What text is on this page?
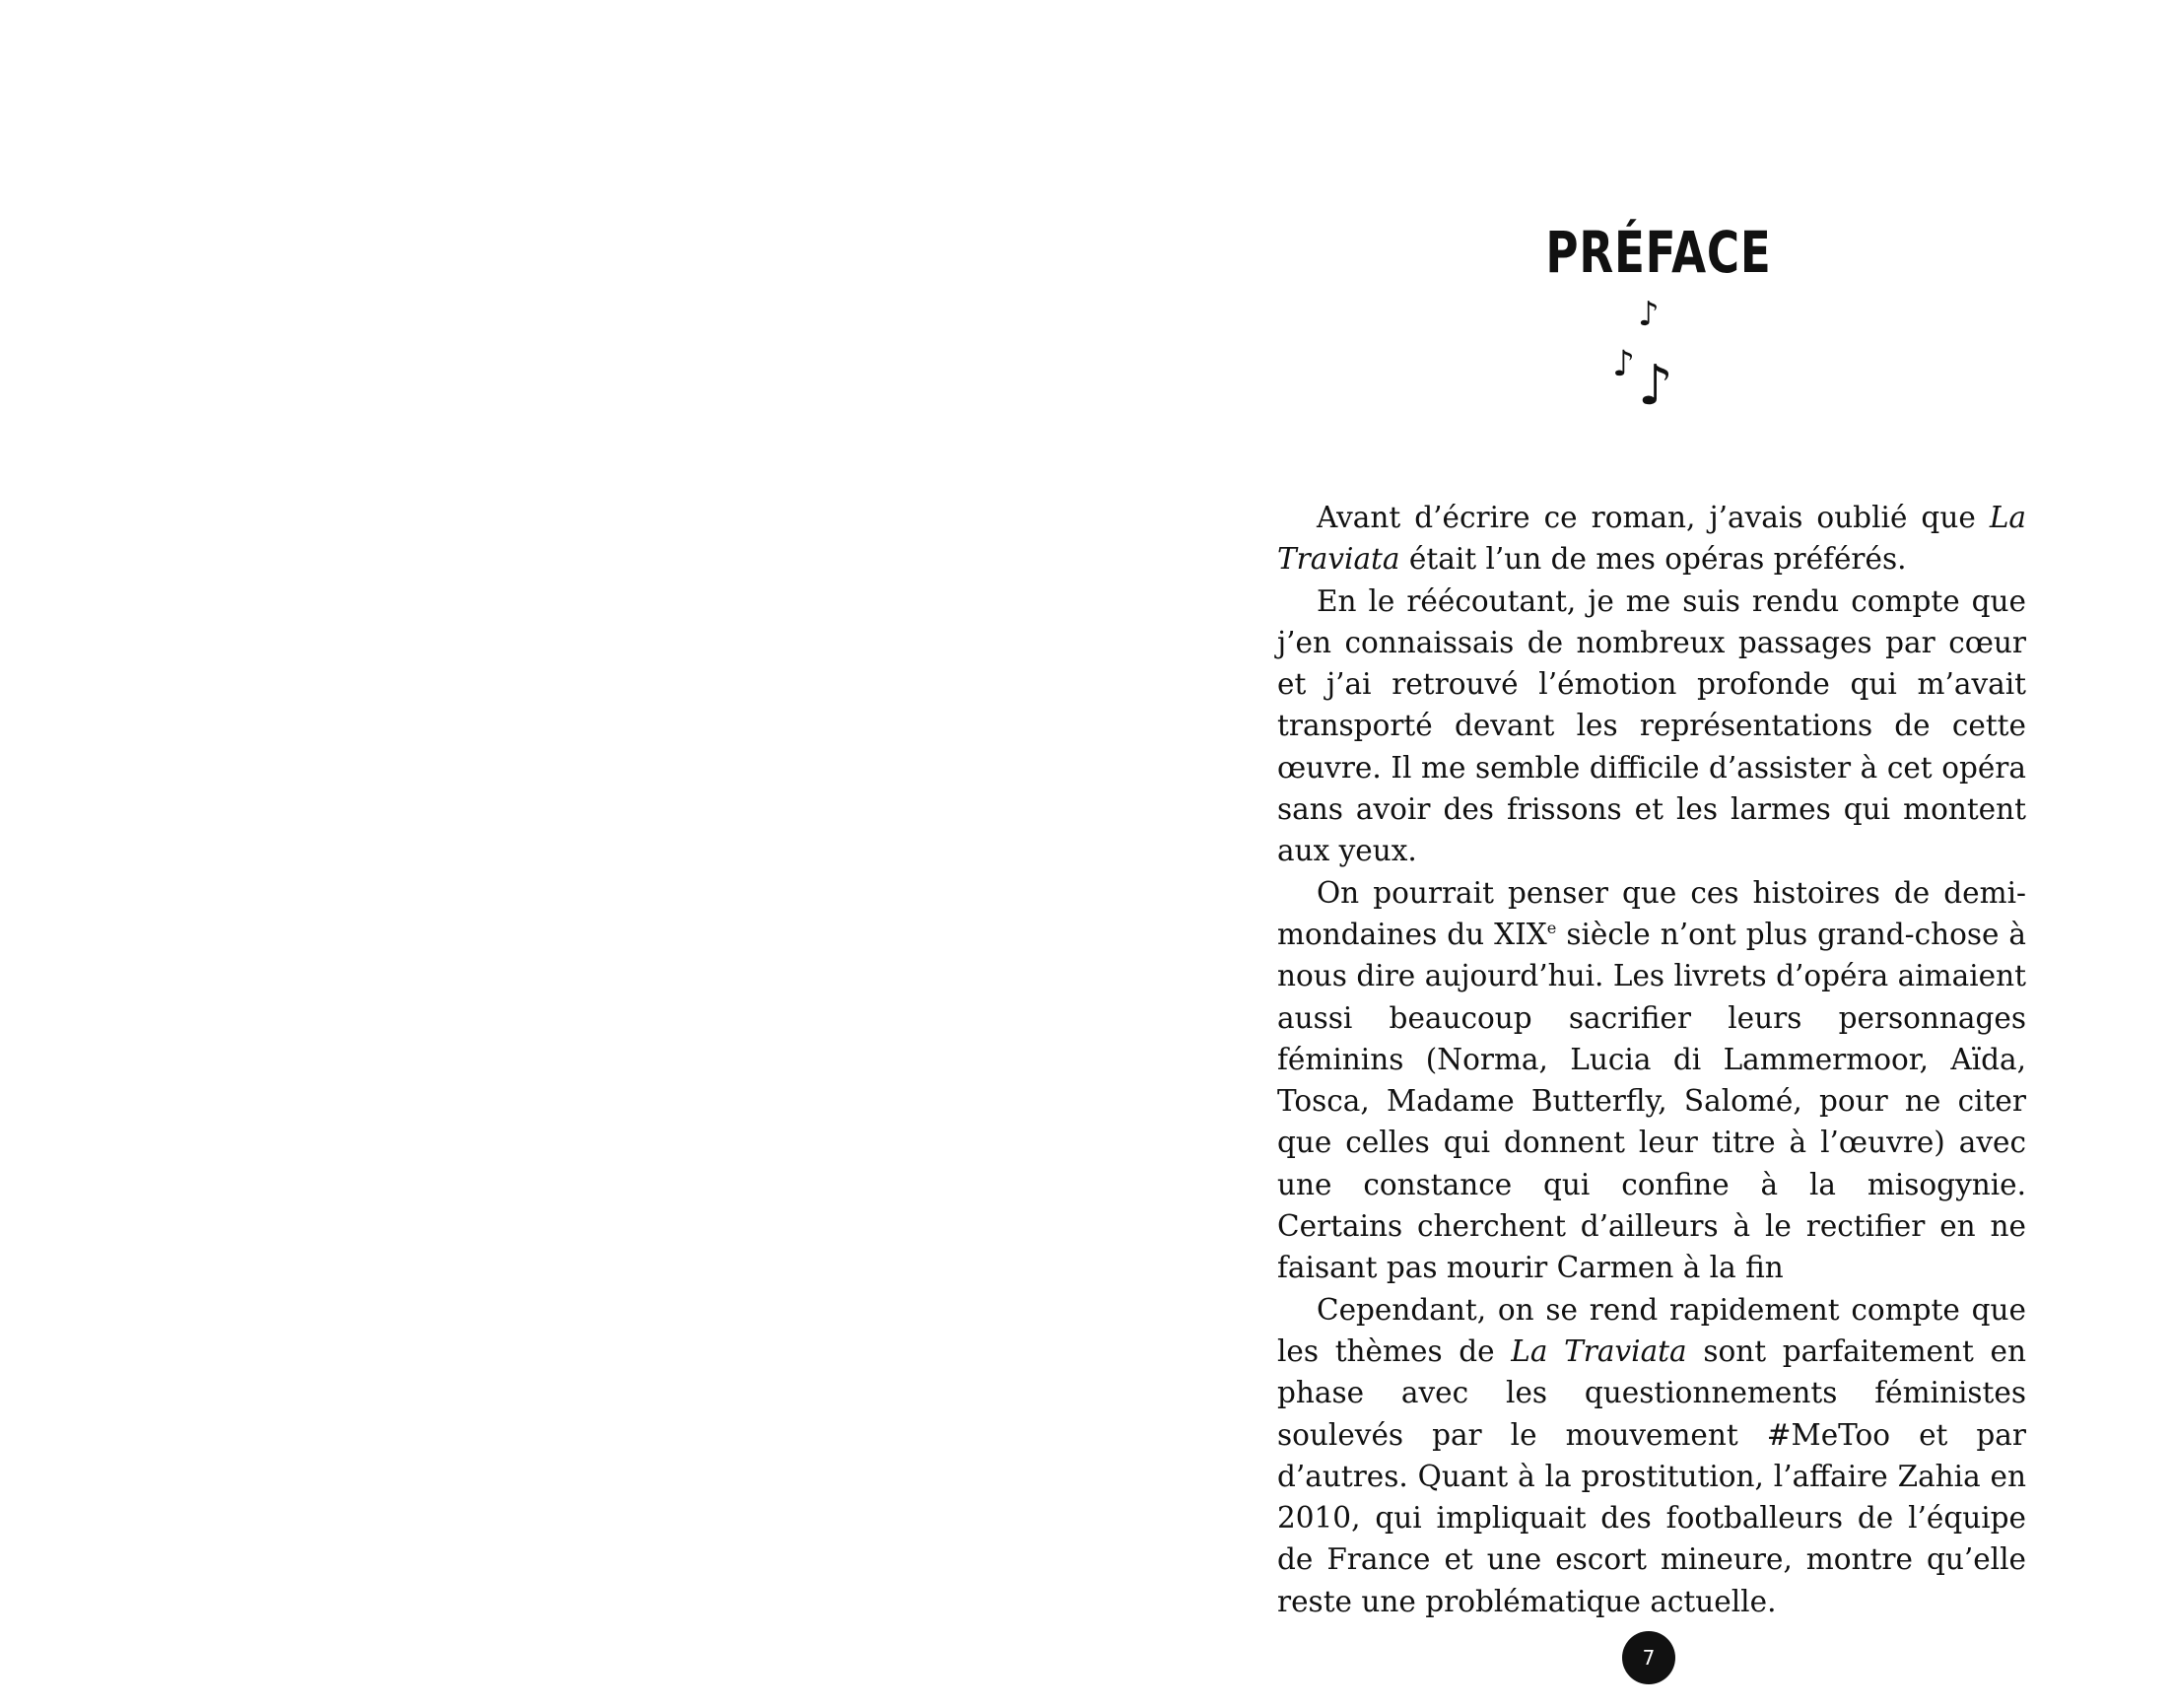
PRÉFACE
♪
♪ ♪

Avant d’écrire ce roman, j’avais oublié que La Traviata était l’un de mes opéras préférés.

En le réécoutant, je me suis rendu compte que j’en connaissais de nombreux passages par cœur et j’ai retrouvé l’émotion profonde qui m’avait transporté devant les représentations de cette œuvre. Il me semble difficile d’assister à cet opéra sans avoir des frissons et les larmes qui montent aux yeux.

On pourrait penser que ces histoires de demi-mondaines du XIXe siècle n’ont plus grand-chose à nous dire aujourd’hui. Les livrets d’opéra aimaient aussi beaucoup sacrifier leurs personnages féminins (Norma, Lucia di Lammermoor, Aïda, Tosca, Madame Butterfly, Salomé, pour ne citer que celles qui donnent leur titre à l’œuvre) avec une constance qui confine à la misogynie. Certains cherchent d’ailleurs à le rectifier en ne faisant pas mourir Carmen à la fin

Cependant, on se rend rapidement compte que les thèmes de La Traviata sont parfaitement en phase avec les questionnements féministes soulevés par le mouvement #MeToo et par d’autres. Quant à la prostitution, l’affaire Zahia en 2010, qui impliquait des footballeurs de l’équipe de France et une escort mineure, montre qu’elle reste une problématique actuelle.

7
